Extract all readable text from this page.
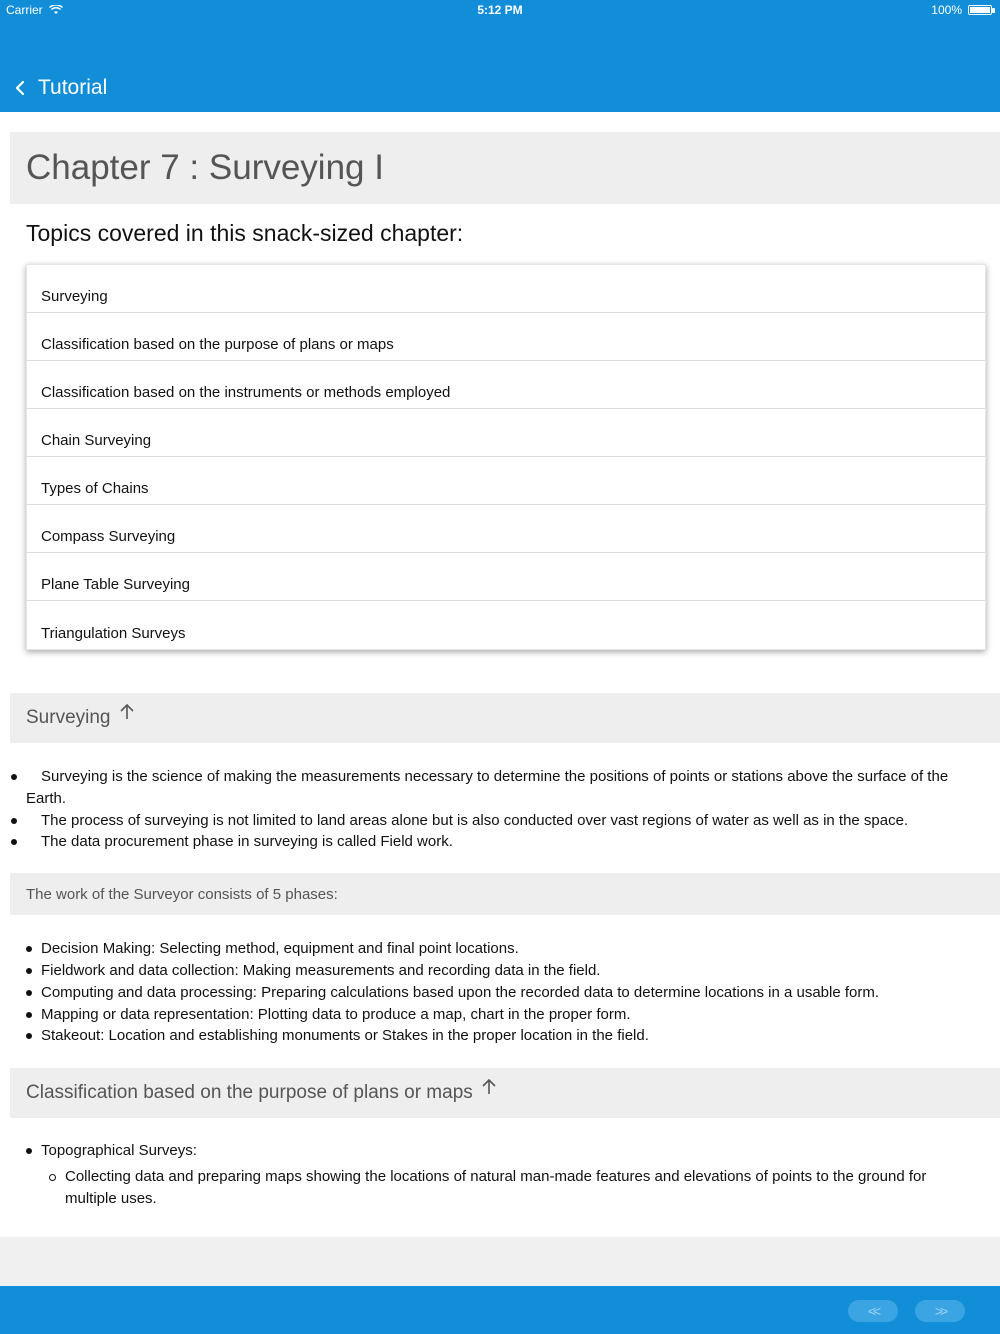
Carrier	5:12 PM	100%
Tutorial
Chapter 7 : Surveying I
Topics covered in this snack-sized chapter:
Surveying
Classification based on the purpose of plans or maps
Classification based on the instruments or methods employed
Chain Surveying
Types of Chains
Compass Surveying
Plane Table Surveying
Triangulation Surveys
Surveying
Surveying is the science of making the measurements necessary to determine the positions of points or stations above the surface of the Earth.
The process of surveying is not limited to land areas alone but is also conducted over vast regions of water as well as in the space.
The data procurement phase in surveying is called Field work.
The work of the Surveyor consists of 5 phases:
Decision Making: Selecting method, equipment and final point locations.
Fieldwork and data collection: Making measurements and recording data in the field.
Computing and data processing: Preparing calculations based upon the recorded data to determine locations in a usable form.
Mapping or data representation: Plotting data to produce a map, chart in the proper form.
Stakeout: Location and establishing monuments or Stakes in the proper location in the field.
Classification based on the purpose of plans or maps
Topographical Surveys:
Collecting data and preparing maps showing the locations of natural man-made features and elevations of points to the ground for multiple uses.
<<	>>
